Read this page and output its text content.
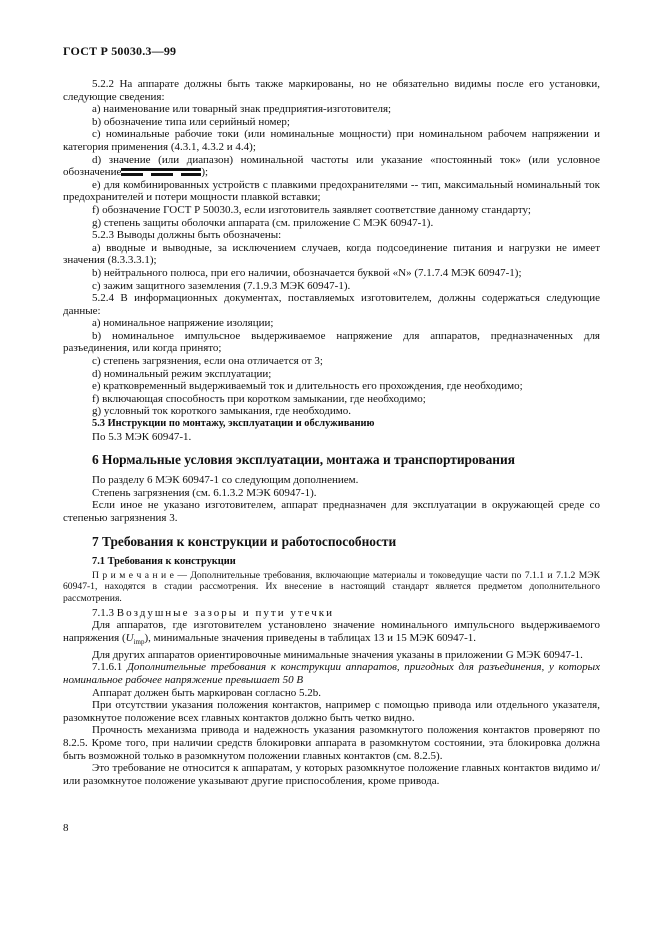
ГОСТ Р 50030.3—99

5.2.2 На аппарате должны быть также маркированы, но не обязательно видимы после его установки, следующие сведения:

а) наименование или товарный знак предприятия-изготовителя;

b) обозначение типа или серийный номер;

с) номинальные рабочие токи (или номинальные мощности) при номинальном рабочем напряжении и категория применения (4.3.1, 4.3.2 и 4.4);

d) значение (или диапазон) номинальной частоты или указание «постоянный ток» (или условное обозначение	);

е) для комбинированных устройств с плавкими предохранителями -- тип, максимальный номинальный ток предохранителей и потери мощности плавкой вставки;

f) обозначение ГОСТ Р 50030.3, если изготовитель заявляет соответствие данному стандарту;

g) степень защиты оболочки аппарата (см. приложение С МЭК 60947-1).

5.2.3 Выводы должны быть обозначены:

а) вводные и выводные, за исключением случаев, когда подсоединение питания и нагрузки не имеет значения (8.3.3.3.1);

b) нейтрального полюса, при его наличии, обозначается буквой «N» (7.1.7.4 МЭК 60947-1);

с) зажим защитного заземления (7.1.9.3 МЭК 60947-1).

5.2.4 В информационных документах, поставляемых изготовителем, должны содержаться следующие данные:

а) номинальное напряжение изоляции;

b) номинальное импульсное выдерживаемое напряжение для аппаратов, предназначенных для разъединения, или когда принято;

с) степень загрязнения, если она отличается от 3;

d) номинальный режим эксплуатации;

е) кратковременный выдерживаемый ток и длительность его прохождения, где необходимо;

f) включающая способность при коротком замыкании, где необходимо;

g) условный ток короткого замыкания, где необходимо.

5.3 Инструкции по монтажу, эксплуатации и обслуживанию

По 5.3 МЭК 60947-1.

6 Нормальные условия эксплуатации, монтажа и транспортирования

По разделу 6 МЭК 60947-1 со следующим дополнением.

Степень загрязнения (см. 6.1.3.2 МЭК 60947-1).

Если иное не указано изготовителем, аппарат предназначен для эксплуатации в окружающей среде со степенью загрязнения 3.

7 Требования к конструкции и работоспособности

7.1 Требования к конструкции

П р и м е ч а н и е — Дополнительные требования, включающие материалы и токоведущие части по 7.1.1 и 7.1.2 МЭК 60947-1, находятся в стадии рассмотрения. Их внесение в настоящий стандарт является предметом дополнительного рассмотрения.

7.1.3 Воздушные зазоры и пути утечки

Для аппаратов, где изготовителем установлено значение номинального импульсного выдерживаемого напряжения $(U_{imp})$, минимальные значения приведены в таблицах 13 и 15 МЭК 60947-1.

Для других аппаратов ориентировочные минимальные значения указаны в приложении G МЭК 60947-1.

7.1.6.1 Дополнительные требования к конструкции аппаратов, пригодных для разъединения, у которых номинальное рабочее напряжение превышает 50 В

Аппарат должен быть маркирован согласно 5.2b.

При отсутствии указания положения контактов, например с помощью привода или отдельного указателя, разомкнутое положение всех главных контактов должно быть четко видно.

Прочность механизма привода и надежность указания разомкнутого положения контактов проверяют по 8.2.5. Кроме того, при наличии средств блокировки аппарата в разомкнутом состоянии, эта блокировка должна быть возможной только в разомкнутом положении главных контактов (см. 8.2.5).

Это требование не относится к аппаратам, у которых разомкнутое положение главных контактов видимо и/или разомкнутое положение указывают другие приспособления, кроме привода.

8
